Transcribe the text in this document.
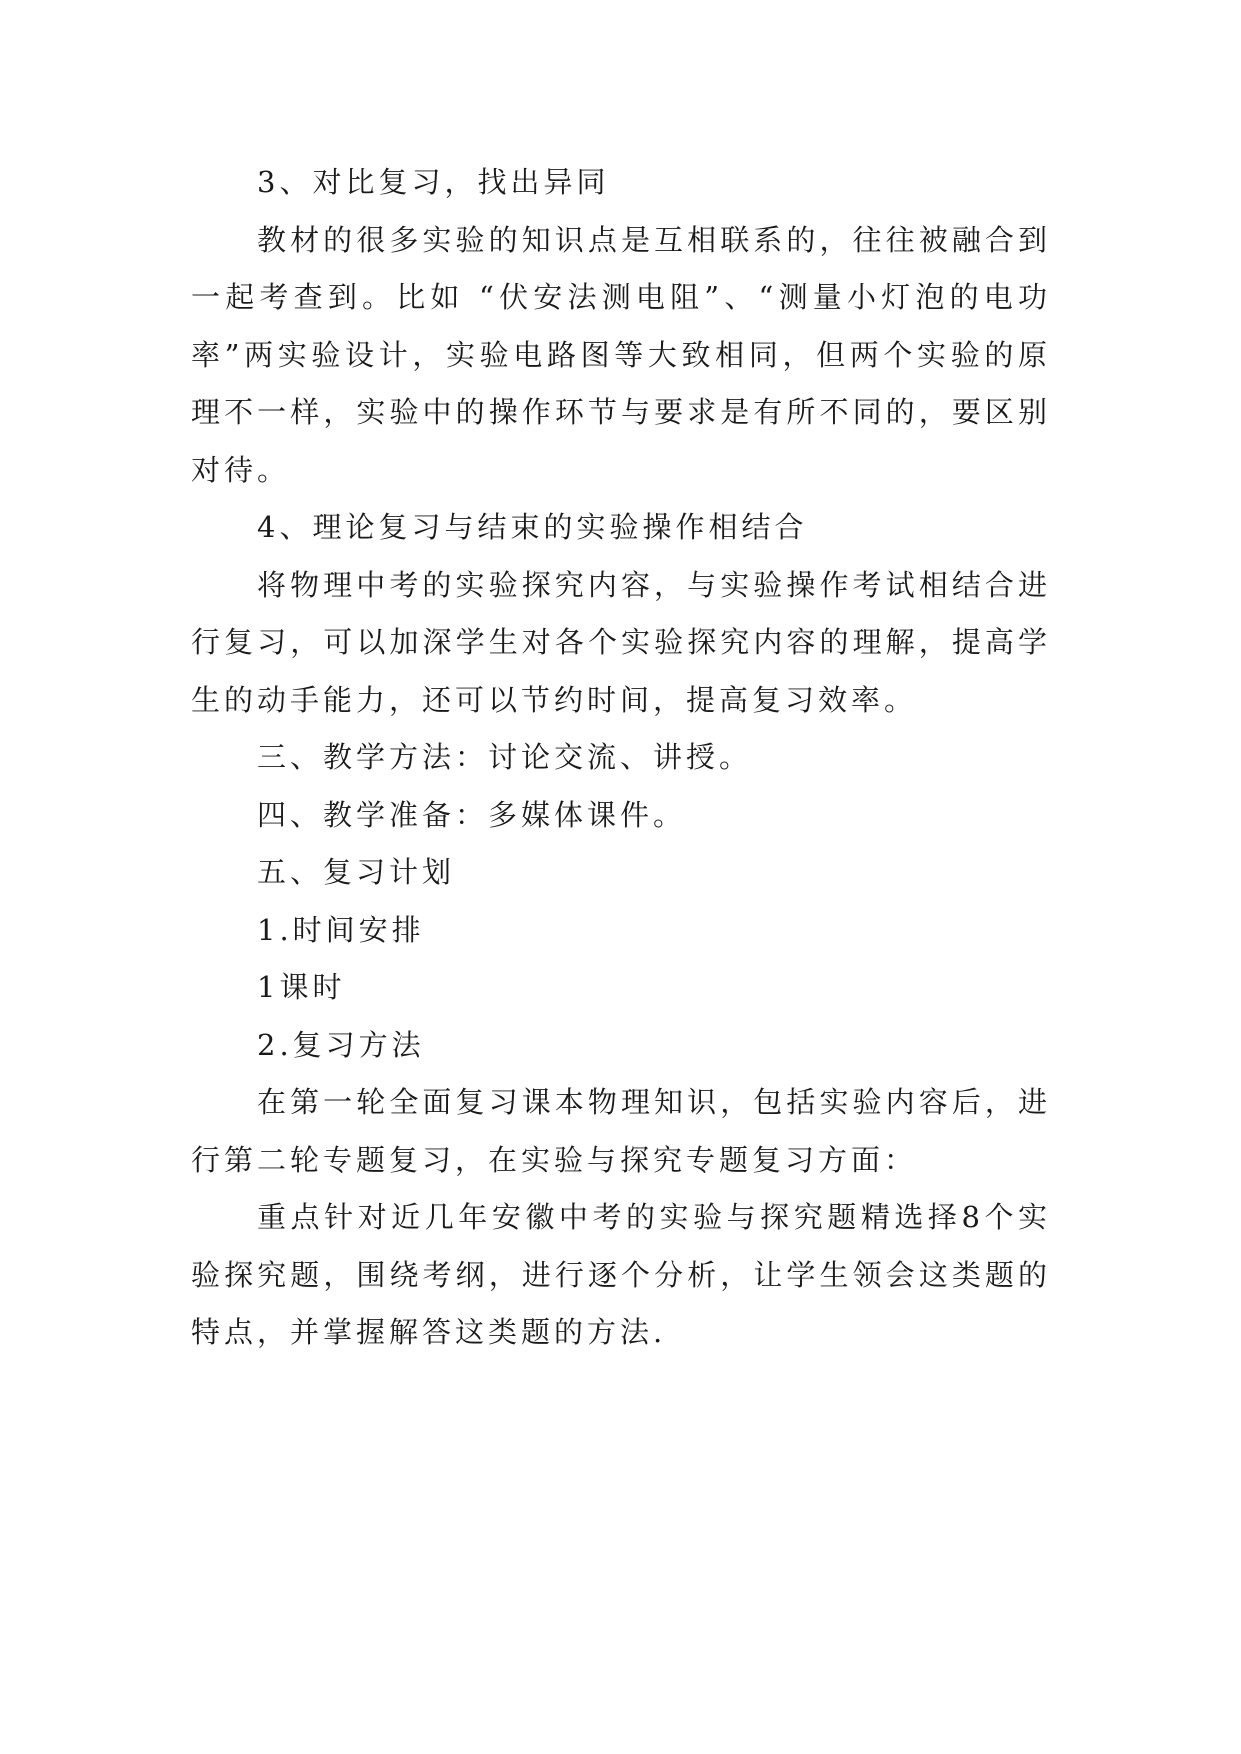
3、对比复习，找出异同

教材的很多实验的知识点是互相联系的，往往被融合到一起考查到。比如 “伏安法测电阻”、“测量小灯泡的电功率”两实验设计，实验电路图等大致相同，但两个实验的原理不一样，实验中的操作环节与要求是有所不同的，要区别对待。

4、理论复习与结束的实验操作相结合

将物理中考的实验探究内容，与实验操作考试相结合进行复习，可以加深学生对各个实验探究内容的理解，提高学生的动手能力，还可以节约时间，提高复习效率。

三、教学方法：讨论交流、讲授。

四、教学准备：多媒体课件。

五、复习计划

1.时间安排

1课时

2.复习方法

在第一轮全面复习课本物理知识，包括实验内容后，进行第二轮专题复习，在实验与探究专题复习方面：

重点针对近几年安徽中考的实验与探究题精选择8个实验探究题，围绕考纲，进行逐个分析，让学生领会这类题的特点，并掌握解答这类题的方法.
